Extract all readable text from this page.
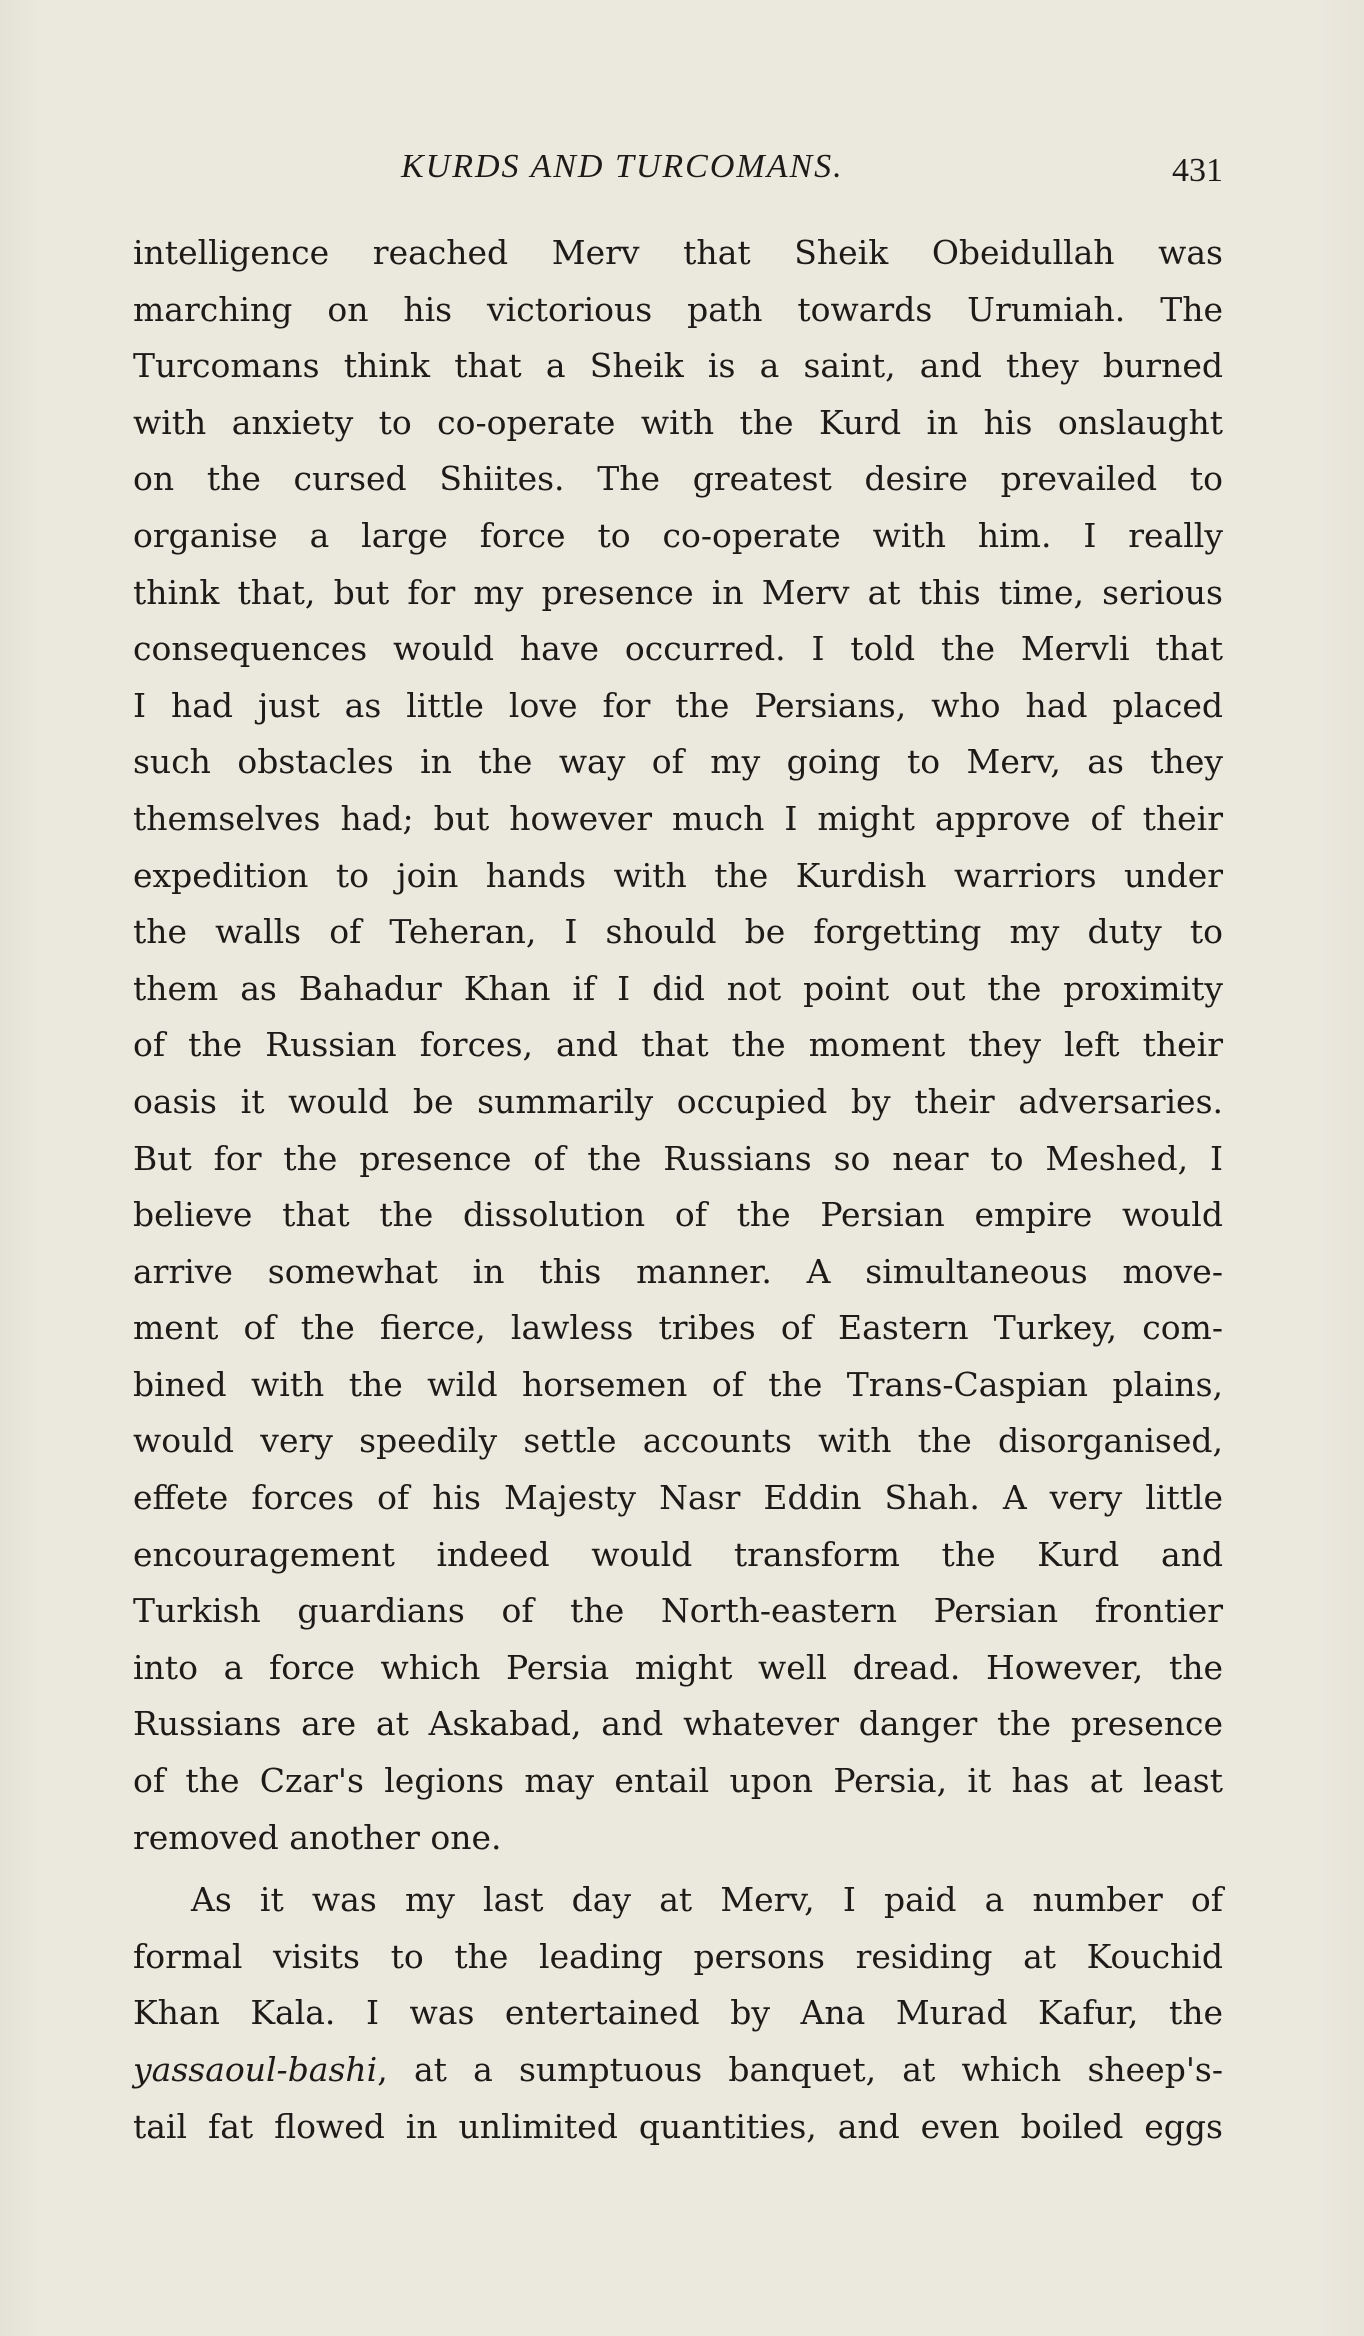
KURDS AND TURCOMANS.	431
intelligence reached Merv that Sheik Obeidullah was
marching on his victorious path towards Urumiah. The
Turcomans think that a Sheik is a saint, and they burned
with anxiety to co-operate with the Kurd in his onslaught
on the cursed Shiites. The greatest desire prevailed to
organise a large force to co-operate with him. I really
think that, but for my presence in Merv at this time, serious
consequences would have occurred. I told the Mervli that
I had just as little love for the Persians, who had placed
such obstacles in the way of my going to Merv, as they
themselves had; but however much I might approve of their
expedition to join hands with the Kurdish warriors under
the walls of Teheran, I should be forgetting my duty to
them as Bahadur Khan if I did not point out the proximity
of the Russian forces, and that the moment they left their
oasis it would be summarily occupied by their adversaries.
But for the presence of the Russians so near to Meshed, I
believe that the dissolution of the Persian empire would
arrive somewhat in this manner. A simultaneous move-
ment of the fierce, lawless tribes of Eastern Turkey, com-
bined with the wild horsemen of the Trans-Caspian plains,
would very speedily settle accounts with the disorganised,
effete forces of his Majesty Nasr Eddin Shah. A very little
encouragement indeed would transform the Kurd and
Turkish guardians of the North-eastern Persian frontier
into a force which Persia might well dread. However, the
Russians are at Askabad, and whatever danger the presence
of the Czar's legions may entail upon Persia, it has at least
removed another one.
As it was my last day at Merv, I paid a number of
formal visits to the leading persons residing at Kouchid
Khan Kala. I was entertained by Ana Murad Kafur, the
yassaoul-bashi, at a sumptuous banquet, at which sheep's-
tail fat flowed in unlimited quantities, and even boiled eggs
